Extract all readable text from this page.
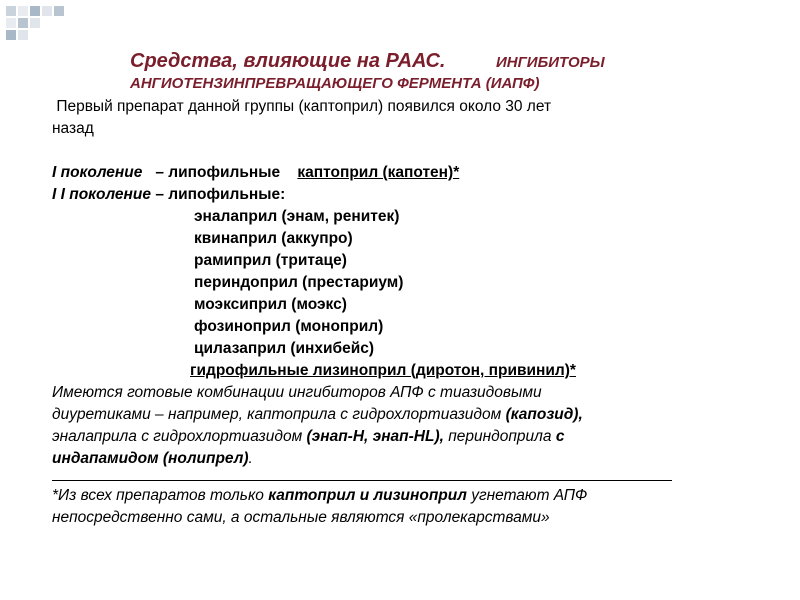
Средства, влияющие на РААС.	ИНГИБИТОРЫ
АНГИОТЕНЗИНПРЕВРАЩАЮЩЕГО ФЕРМЕНТА (ИАПФ)
Первый препарат данной группы (каптоприл) появился около 30 лет
назад

I поколение – липофильные каптоприл (капотен)*
I I поколение – липофильные:
эналаприл (энам, ренитек)
квинаприл (аккупро)
рамиприл (тритаце)
периндоприл (престариум)
моэксиприл (моэкс)
фозиноприл (моноприл)
цилазаприл (инхибейс)
гидрофильные лизиноприл (диротон, привинил)*
Имеются готовые комбинации ингибиторов АПФ с тиазидовыми
диуретиками – например, каптоприла с гидрохлортиазидом (капозид),
эналаприла с гидрохлортиазидом (энап-Н, энап-HL), периндоприла с
индапамидом (нолипрел).
*Из всех препаратов только каптоприл и лизиноприл угнетают АПФ
непосредственно сами, а остальные являются «пролекарствами»
